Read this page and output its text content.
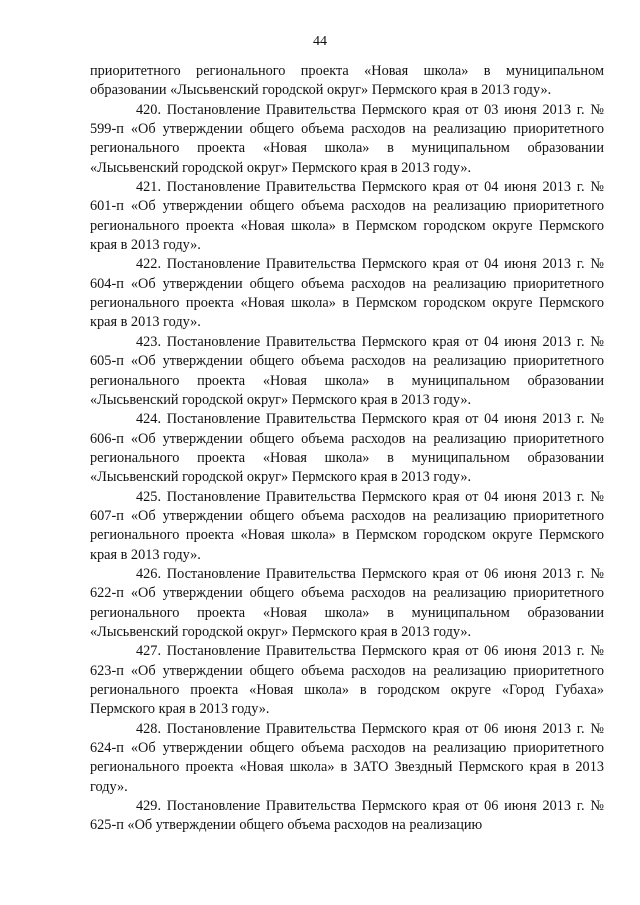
44

приоритетного регионального проекта «Новая школа» в муниципальном образовании «Лысьвенский городской округ» Пермского края в 2013 году».

420. Постановление Правительства Пермского края от 03 июня 2013 г. № 599-п «Об утверждении общего объема расходов на реализацию приоритетного регионального проекта «Новая школа» в муниципальном образовании «Лысьвенский городской округ» Пермского края в 2013 году».

421. Постановление Правительства Пермского края от 04 июня 2013 г. № 601-п «Об утверждении общего объема расходов на реализацию приоритетного регионального проекта «Новая школа» в Пермском городском округе Пермского края в 2013 году».

422. Постановление Правительства Пермского края от 04 июня 2013 г. № 604-п «Об утверждении общего объема расходов на реализацию приоритетного регионального проекта «Новая школа» в Пермском городском округе Пермского края в 2013 году».

423. Постановление Правительства Пермского края от 04 июня 2013 г. № 605-п «Об утверждении общего объема расходов на реализацию приоритетного регионального проекта «Новая школа» в муниципальном образовании «Лысьвенский городской округ» Пермского края в 2013 году».

424. Постановление Правительства Пермского края от 04 июня 2013 г. № 606-п «Об утверждении общего объема расходов на реализацию приоритетного регионального проекта «Новая школа» в муниципальном образовании «Лысьвенский городской округ» Пермского края в 2013 году».

425. Постановление Правительства Пермского края от 04 июня 2013 г. № 607-п «Об утверждении общего объема расходов на реализацию приоритетного регионального проекта «Новая школа» в Пермском городском округе Пермского края в 2013 году».

426. Постановление Правительства Пермского края от 06 июня 2013 г. № 622-п «Об утверждении общего объема расходов на реализацию приоритетного регионального проекта «Новая школа» в муниципальном образовании «Лысьвенский городской округ» Пермского края в 2013 году».

427. Постановление Правительства Пермского края от 06 июня 2013 г. № 623-п «Об утверждении общего объема расходов на реализацию приоритетного регионального проекта «Новая школа» в городском округе «Город Губаха» Пермского края в 2013 году».

428. Постановление Правительства Пермского края от 06 июня 2013 г. № 624-п «Об утверждении общего объема расходов на реализацию приоритетного регионального проекта «Новая школа» в ЗАТО Звездный Пермского края в 2013 году».

429. Постановление Правительства Пермского края от 06 июня 2013 г. № 625-п «Об утверждении общего объема расходов на реализацию
